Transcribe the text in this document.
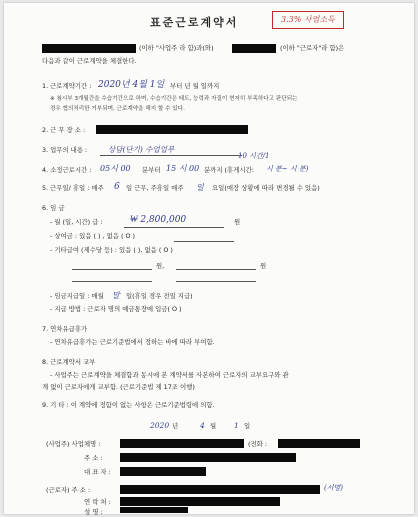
표준근로계약서	3.3% 사업소득
(이하 "사업주 라 함)과(와)	(이하 "근로자"라 함)은
다음과 같이 근로계약을 체결한다.
1. 근로계약기간 : 2020년 4월 1일 부터 년 월 일까지
※ 첨시부 3개월간을 수습기간으로 하며, 수습기간은 태도, 능력과 자질이 현저히 부족하다고 판단되는
경우 협의처리한 거부되며, 근로계약을 해지 할 수 있다.
2. 근 무 장 소 :
3. 업무의 내용 :	상담(단기) 수업업무
10 시간/1
4. 소정근로시간 : 05시 00 분부터 15 시 00 분까지 (휴게시간: 시 분~ 시 분)
5. 근무일/ 휴일 : 매주 6 일 근무, 주휴일 매주 일 요일(매장 상황에 따라 변경될 수 있음)
6. 임 금
- 월 (일, 시간) 급 :	₩ 2,800,000	원
- 상여금 : 있음 ( ) , 없음 ( O )
- 기타급여 (제수당 등) : 있음 ( ), 없음 ( O )
원,	원
- 임금지급일 : 매월 말 일(휴일 경우 전일 지급)
- 지급 방법 : 근로자 명의 예금통장에 입금( O )
7. 연차유급휴가
- 연차유급휴가는 근로기준법에서 정하는 바에 따라 부여함.
8. 근로계약서 교부
- 사업주는 근로계약을 체결함과 동시에 본 계약서를 사본하여 근로자의 교부요구와 관
계 없이 근로자에게 교부함. (근로기준법 제 17조 이행)
9. 기 타 : 이 계약에 정함이 없는 사항은 근로기준법령에 의함.
2020 년	4 월 1 일
(사업주) 사업체명 :	(전화 :
주 소 :
대 표 자 :
(근로자) 주 소 :	(서명)
연 락 처 :
성 명 :
